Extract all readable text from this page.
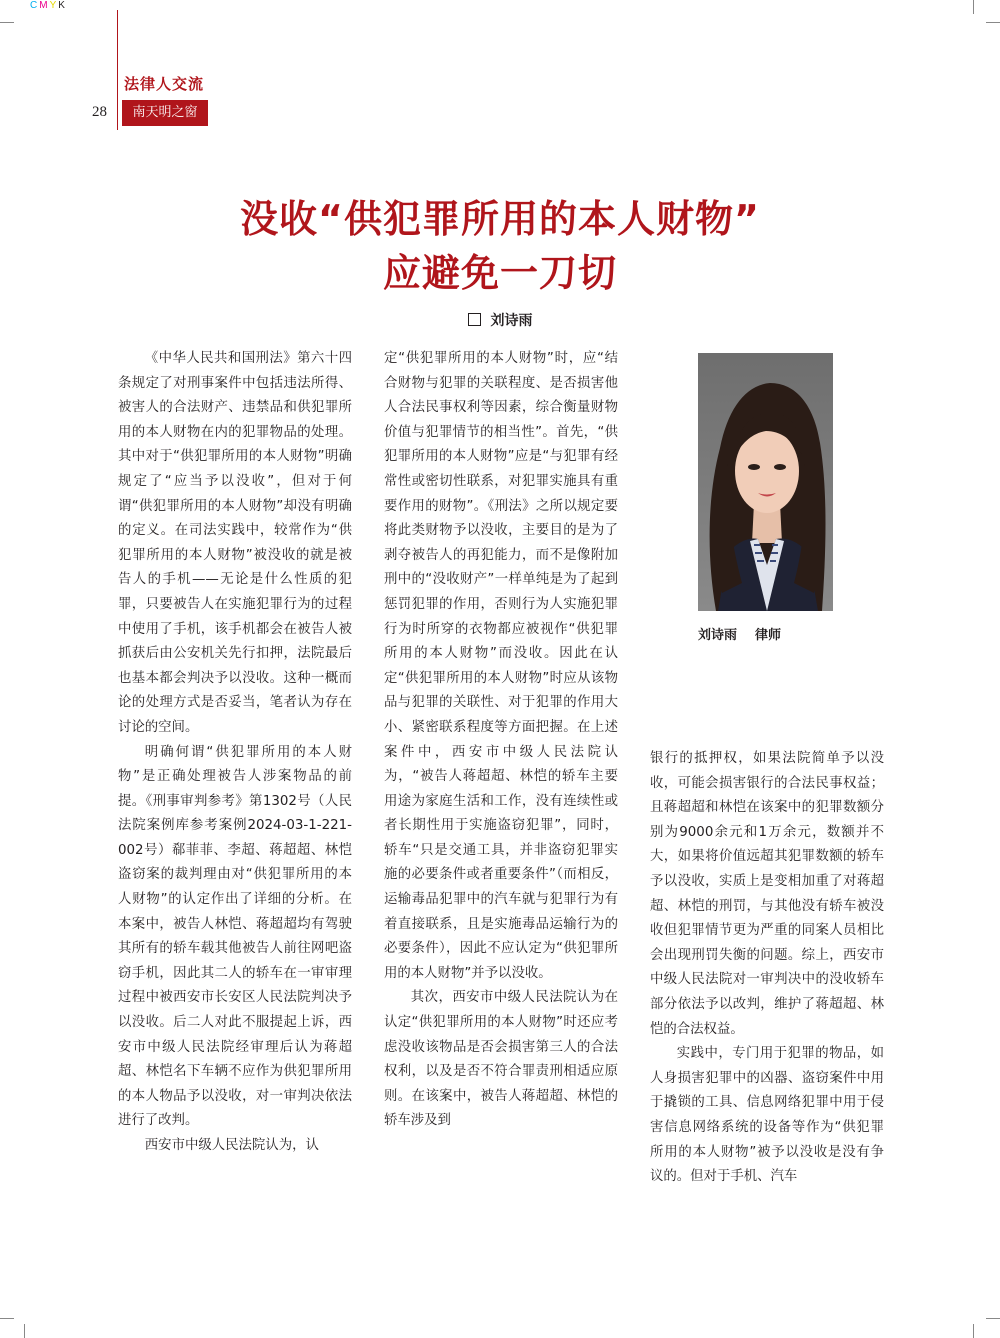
CMYK
法律人交流
28	南天明之窗
没收“供犯罪所用的本人财物”
应避免一刀切
刘诗雨

《中华人民共和国刑法》第六十四条规定了对刑事案件中包括违法所得、被害人的合法财产、违禁品和供犯罪所用的本人财物在内的犯罪物品的处理。其中对于“供犯罪所用的本人财物”明确规定了“应当予以没收”，但对于何谓“供犯罪所用的本人财物”却没有明确的定义。在司法实践中，较常作为“供犯罪所用的本人财物”被没收的就是被告人的手机——无论是什么性质的犯罪，只要被告人在实施犯罪行为的过程中使用了手机，该手机都会在被告人被抓获后由公安机关先行扣押，法院最后也基本都会判决予以没收。这种一概而论的处理方式是否妥当，笔者认为存在讨论的空间。

明确何谓“供犯罪所用的本人财物”是正确处理被告人涉案物品的前提。《刑事审判参考》第1302号（人民法院案例库参考案例2024-03-1-221-002号）郗菲菲、李超、蒋超超、林恺盗窃案的裁判理由对“供犯罪所用的本人财物”的认定作出了详细的分析。在本案中，被告人林恺、蒋超超均有驾驶其所有的轿车载其他被告人前往网吧盗窃手机，因此其二人的轿车在一审审理过程中被西安市长安区人民法院判决予以没收。后二人对此不服提起上诉，西安市中级人民法院经审理后认为蒋超超、林恺名下车辆不应作为供犯罪所用的本人物品予以没收，对一审判决依法进行了改判。

西安市中级人民法院认为，认

定“供犯罪所用的本人财物”时，应“结合财物与犯罪的关联程度、是否损害他人合法民事权利等因素，综合衡量财物价值与犯罪情节的相当性”。首先，“供犯罪所用的本人财物”应是“与犯罪有经常性或密切性联系，对犯罪实施具有重要作用的财物”。《刑法》之所以规定要将此类财物予以没收，主要目的是为了剥夺被告人的再犯能力，而不是像附加刑中的“没收财产”一样单纯是为了起到惩罚犯罪的作用，否则行为人实施犯罪行为时所穿的衣物都应被视作“供犯罪所用的本人财物”而没收。因此在认定“供犯罪所用的本人财物”时应从该物品与犯罪的关联性、对于犯罪的作用大小、紧密联系程度等方面把握。在上述案件中，西安市中级人民法院认为，“被告人蒋超超、林恺的轿车主要用途为家庭生活和工作，没有连续性或者长期性用于实施盗窃犯罪”，同时，轿车“只是交通工具，并非盗窃犯罪实施的必要条件或者重要条件”（而相反，运输毒品犯罪中的汽车就与犯罪行为有着直接联系，且是实施毒品运输行为的必要条件），因此不应认定为“供犯罪所用的本人财物”并予以没收。

其次，西安市中级人民法院认为在认定“供犯罪所用的本人财物”时还应考虑没收该物品是否会损害第三人的合法权利，以及是否不符合罪责刑相适应原则。在该案中，被告人蒋超超、林恺的轿车涉及到

刘诗雨 律师

银行的抵押权，如果法院简单予以没收，可能会损害银行的合法民事权益；且蒋超超和林恺在该案中的犯罪数额分别为9000余元和1万余元，数额并不大，如果将价值远超其犯罪数额的轿车予以没收，实质上是变相加重了对蒋超超、林恺的刑罚，与其他没有轿车被没收但犯罪情节更为严重的同案人员相比会出现刑罚失衡的问题。综上，西安市中级人民法院对一审判决中的没收轿车部分依法予以改判，维护了蒋超超、林恺的合法权益。

实践中，专门用于犯罪的物品，如人身损害犯罪中的凶器、盗窃案件中用于撬锁的工具、信息网络犯罪中用于侵害信息网络系统的设备等作为“供犯罪所用的本人财物”被予以没收是没有争议的。但对于手机、汽车
